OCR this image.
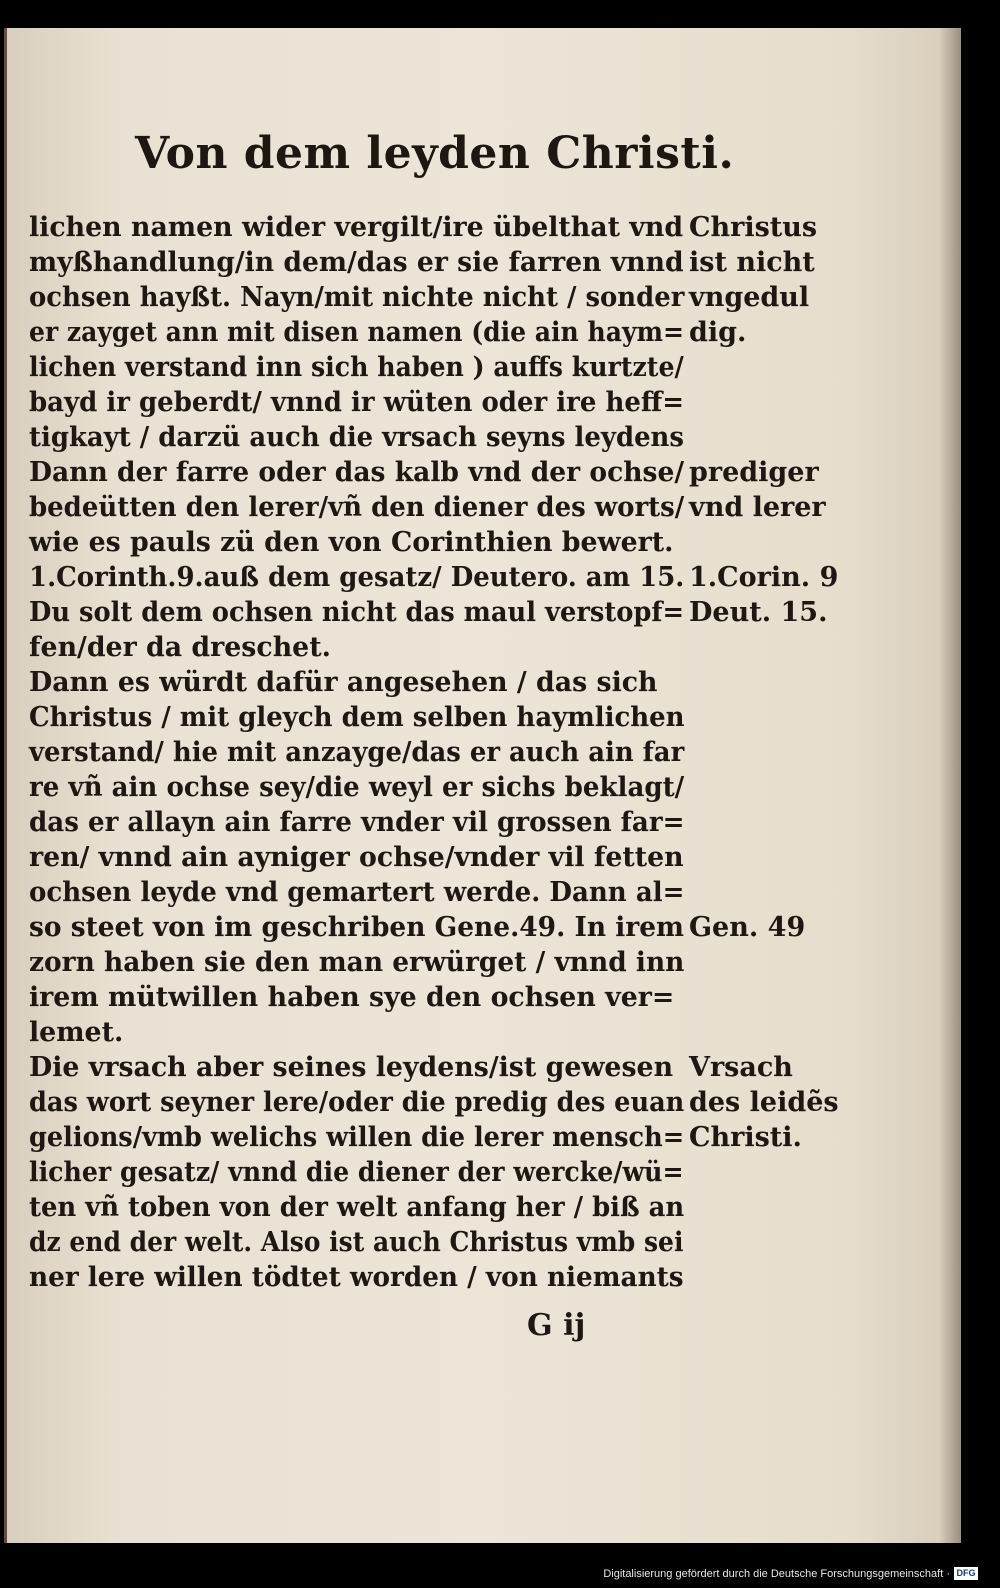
Von dem leyden Christi.
lichen namen wider vergilt/ire übelthat vnd
myßhandlung/in dem/das er sie farren vnnd
ochsen hayßt. Nayn/mit nichte nicht / sonder
er zayget ann mit disen namen (die ain haym=
lichen verstand inn sich haben ) auffs kurtzte/
bayd ir geberdt/ vnnd ir wüten oder ire heff=
tigkayt / darzü auch die vrsach seyns leydens
Dann der farre oder das kalb vnd der ochse/
bedeütten den lerer/vñ den diener des worts/
wie es pauls zü den von Corinthien bewert.
1.Corinth.9.auß dem gesatz/ Deutero. am 15.
Du solt dem ochsen nicht das maul verstopf=
fen/der da dreschet.
Dann es würdt dafür angesehen / das sich
Christus / mit gleych dem selben haymlichen
verstand/ hie mit anzayge/das er auch ain far
re vñ ain ochse sey/die weyl er sichs beklagt/
das er allayn ain farre vnder vil grossen far=
ren/ vnnd ain ayniger ochse/vnder vil fetten
ochsen leyde vnd gemartert werde. Dann al=
so steet von im geschriben Gene.49. In irem
zorn haben sie den man erwürget / vnnd inn
irem mütwillen haben sye den ochsen ver=
lemet.
Die vrsach aber seines leydens/ist gewesen
das wort seyner lere/oder die predig des euan
gelions/vmb welichs willen die lerer mensch=
licher gesatz/ vnnd die diener der wercke/wü=
ten vñ toben von der welt anfang her / biß an
dz end der welt. Also ist auch Christus vmb sei
ner lere willen tödtet worden / von niemants
Christus
ist nicht
vngedul
dig.
prediger
vnd lerer
1.Corin. 9
Deut. 15.
Gen. 49
Vrsach
des leidẽs
Christi.
G ij
Digitalisierung gefördert durch die Deutsche Forschungsgemeinschaft · DFG
